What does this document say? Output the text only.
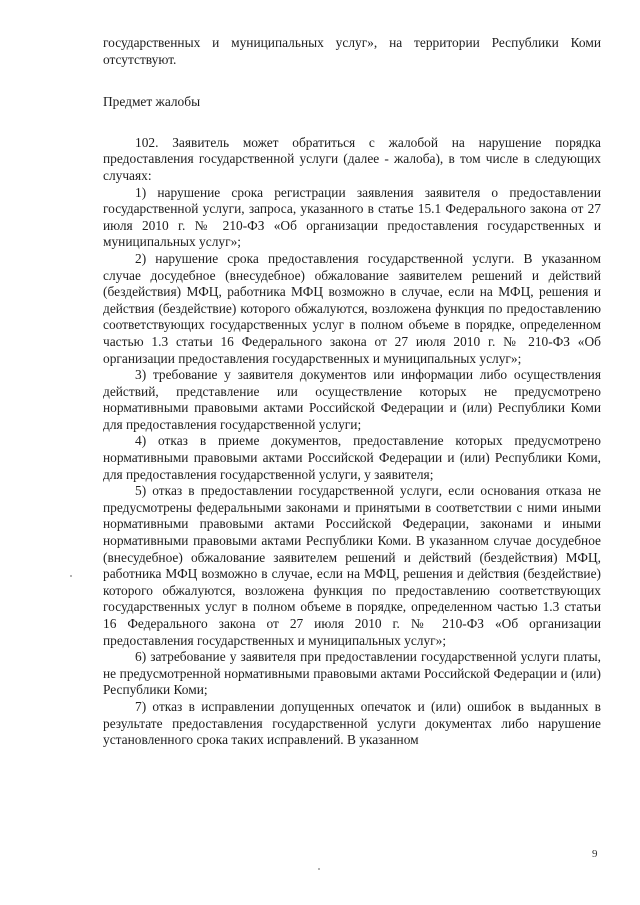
государственных и муниципальных услуг», на территории Республики Коми отсутствуют.

Предмет жалобы

102. Заявитель может обратиться с жалобой на нарушение порядка предоставления государственной услуги (далее - жалоба), в том числе в следующих случаях:

1) нарушение срока регистрации заявления заявителя о предоставлении государственной услуги, запроса, указанного в статье 15.1 Федерального закона от 27 июля 2010 г. № 210-ФЗ «Об организации предоставления государственных и муниципальных услуг»;

2) нарушение срока предоставления государственной услуги. В указанном случае досудебное (внесудебное) обжалование заявителем решений и действий (бездействия) МФЦ, работника МФЦ возможно в случае, если на МФЦ, решения и действия (бездействие) которого обжалуются, возложена функция по предоставлению соответствующих государственных услуг в полном объеме в порядке, определенном частью 1.3 статьи 16 Федерального закона от 27 июля 2010 г. № 210-ФЗ «Об организации предоставления государственных и муниципальных услуг»;

3) требование у заявителя документов или информации либо осуществления действий, представление или осуществление которых не предусмотрено нормативными правовыми актами Российской Федерации и (или) Республики Коми для предоставления государственной услуги;

4) отказ в приеме документов, предоставление которых предусмотрено нормативными правовыми актами Российской Федерации и (или) Республики Коми, для предоставления государственной услуги, у заявителя;

5) отказ в предоставлении государственной услуги, если основания отказа не предусмотрены федеральными законами и принятыми в соответствии с ними иными нормативными правовыми актами Российской Федерации, законами и иными нормативными правовыми актами Республики Коми. В указанном случае досудебное (внесудебное) обжалование заявителем решений и действий (бездействия) МФЦ, работника МФЦ возможно в случае, если на МФЦ, решения и действия (бездействие) которого обжалуются, возложена функция по предоставлению соответствующих государственных услуг в полном объеме в порядке, определенном частью 1.3 статьи 16 Федерального закона от 27 июля 2010 г. № 210-ФЗ «Об организации предоставления государственных и муниципальных услуг»;

6) затребование у заявителя при предоставлении государственной услуги платы, не предусмотренной нормативными правовыми актами Российской Федерации и (или) Республики Коми;

7) отказ в исправлении допущенных опечаток и (или) ошибок в выданных в результате предоставления государственной услуги документах либо нарушение установленного срока таких исправлений. В указанном

9
